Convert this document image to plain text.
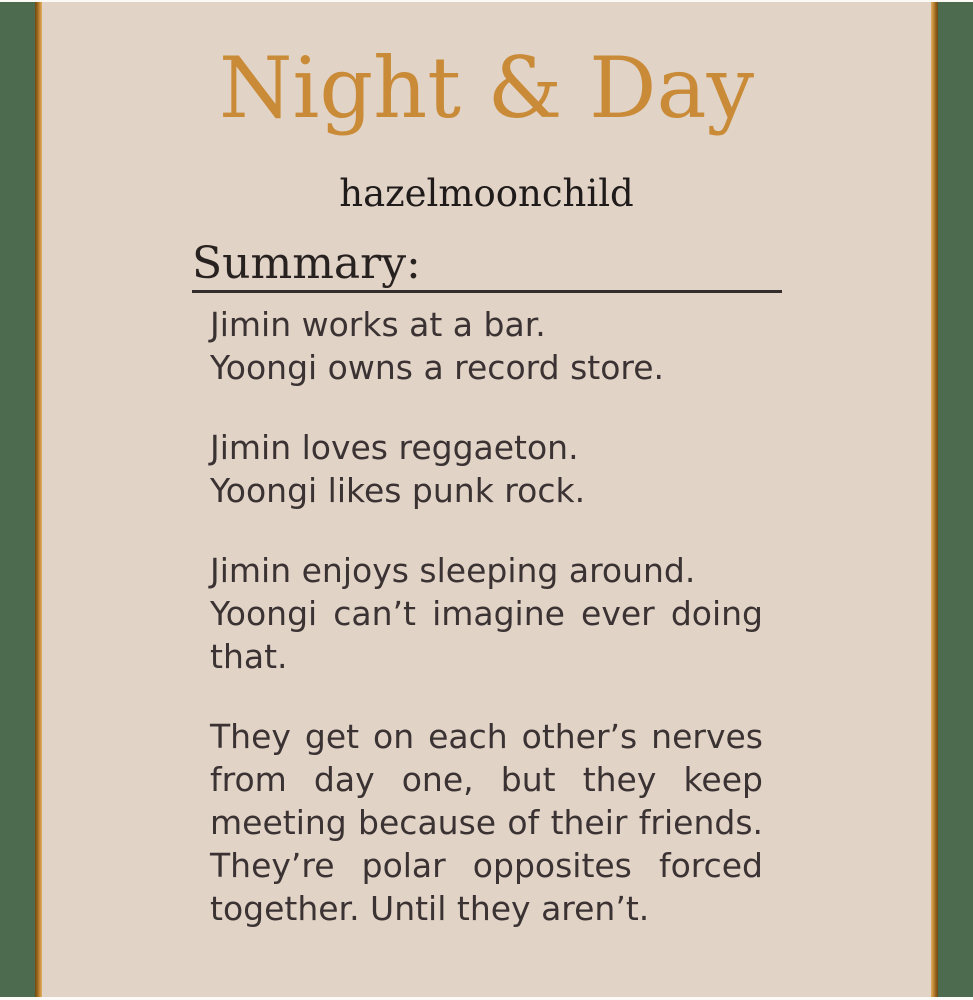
Night & Day
hazelmoonchild
Summary:

Jimin works at a bar.
Yoongi owns a record store.

Jimin loves reggaeton.
Yoongi likes punk rock.

Jimin enjoys sleeping around.
Yoongi can’t imagine ever doing that.

They get on each other’s nerves from day one, but they keep meeting because of their friends. They’re polar opposites forced together. Until they aren’t.
